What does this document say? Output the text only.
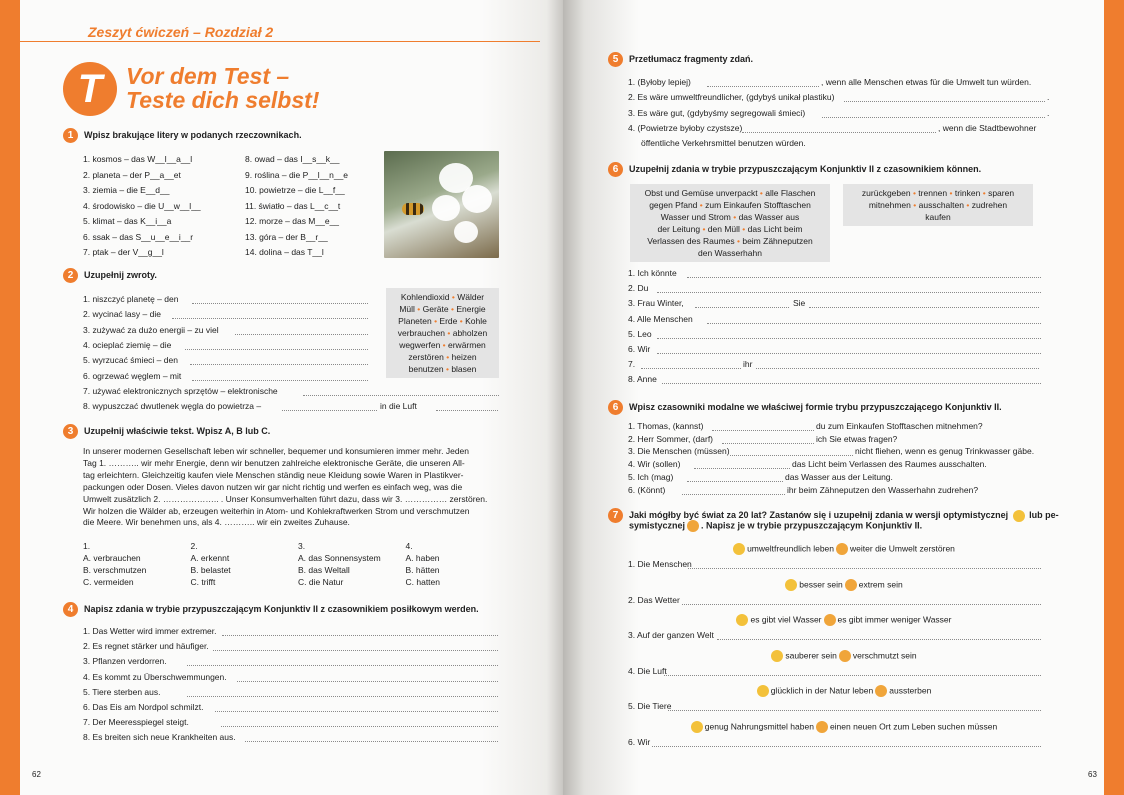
Zeszyt ćwiczeń – Rozdział 2
T	Vor dem Test –
Teste dich selbst!
1 Wpisz brakujące litery w podanych rzeczownikach.
1. kosmos – das W__l__a__l
2. planeta – der P__a__et
3. ziemia – die E__d__
4. środowisko – die U__w__l__
5. klimat – das K__i__a
6. ssak – das S__u__e__i__r
7. ptak – der V__g__l
8. owad – das I__s__k__
9. roślina – die P__l__n__e
10. powietrze – die L__f__
11. światło – das L__c__t
12. morze – das M__e__
13. góra – der B__r__
14. dolina – das T__l
2 Uzupełnij zwroty.
1. niszczyć planetę – den
2. wycinać lasy – die
3. zużywać za dużo energii – zu viel
4. ocieplać ziemię – die
5. wyrzucać śmieci – den
6. ogrzewać węglem – mit
7. używać elektronicznych sprzętów – elektronische
8. wypuszczać dwutlenek węgla do powietrza –	in die Luft
Kohlendioxid • Wälder
Müll • Geräte • Energie
Planeten • Erde • Kohle
verbrauchen • abholzen
wegwerfen • erwärmen
zerstören • heizen
benutzen • blasen
3 Uzupełnij właściwie tekst. Wpisz A, B lub C.
In unserer modernen Gesellschaft leben wir schneller, bequemer und konsumieren immer mehr. Jeden
Tag 1. ……….. wir mehr Energie, denn wir benutzen zahlreiche elektronische Geräte, die unseren All-
tag erleichtern. Gleichzeitig kaufen viele Menschen ständig neue Kleidung sowie Waren in Plastikver-
packungen oder Dosen. Vieles davon nutzen wir gar nicht richtig und werfen es einfach weg, was die
Umwelt zusätzlich 2. ……………….. . Unser Konsumverhalten führt dazu, dass wir 3. …………… zerstören.
Wir holzen die Wälder ab, erzeugen weiterhin in Atom- und Kohlekraftwerken Strom und verschmutzen
die Meere. Wir benehmen uns, als 4. ……….. wir ein zweites Zuhause.
1.
A. verbrauchen
B. verschmutzen
C. vermeiden
2.
A. erkennt
B. belastet
C. trifft
3.
A. das Sonnensystem
B. das Weltall
C. die Natur
4.
A. haben
B. hätten
C. hatten
4 Napisz zdania w trybie przypuszczającym Konjunktiv II z czasownikiem posiłkowym werden.
1. Das Wetter wird immer extremer.
2. Es regnet stärker und häufiger.
3. Pflanzen verdorren.
4. Es kommt zu Überschwemmungen.
5. Tiere sterben aus.
6. Das Eis am Nordpol schmilzt.
7. Der Meeresspiegel steigt.
8. Es breiten sich neue Krankheiten aus.
62
5 Przetłumacz fragmenty zdań.
1. (Byłoby lepiej)	, wenn alle Menschen etwas für die Umwelt tun würden.
2. Es wäre umweltfreundlicher, (gdybyś unikał plastiku)	.
3. Es wäre gut, (gdybyśmy segregowali śmieci)	.
4. (Powietrze byłoby czystsze)	, wenn die Stadtbewohner
öffentliche Verkehrsmittel benutzen würden.
6 Uzupełnij zdania w trybie przypuszczającym Konjunktiv II z czasownikiem können.
Obst und Gemüse unverpackt • alle Flaschen
gegen Pfand • zum Einkaufen Stofftaschen
Wasser und Strom • das Wasser aus
der Leitung • den Müll • das Licht beim
Verlassen des Raumes • beim Zähneputzen
den Wasserhahn
zurückgeben • trennen • trinken • sparen
mitnehmen • ausschalten • zudrehen
kaufen
1. Ich könnte
2. Du
3. Frau Winter,	Sie
4. Alle Menschen
5. Leo
6. Wir
7.	ihr
8. Anne
6 Wpisz czasowniki modalne we właściwej formie trybu przypuszczającego Konjunktiv II.
1. Thomas, (kannst)	du zum Einkaufen Stofftaschen mitnehmen?
2. Herr Sommer, (darf)	ich Sie etwas fragen?
3. Die Menschen (müssen)	nicht fliehen, wenn es genug Trinkwasser gäbe.
4. Wir (sollen)	das Licht beim Verlassen des Raumes ausschalten.
5. Ich (mag)	das Wasser aus der Leitung.
6. (Könnt)	ihr beim Zähneputzen den Wasserhahn zudrehen?
7 Jaki mógłby być świat za 20 lat? Zastanów się i uzupełnij zdania w wersji optymistycznej lub pe-
symistycznej . Napisz je w trybie przypuszczającym Konjunktiv II.
umweltfreundlich leben weiter die Umwelt zerstören
1. Die Menschen
besser sein extrem sein
2. Das Wetter
es gibt viel Wasser es gibt immer weniger Wasser
3. Auf der ganzen Welt
sauberer sein verschmutzt sein
4. Die Luft
glücklich in der Natur leben aussterben
5. Die Tiere
genug Nahrungsmittel haben einen neuen Ort zum Leben suchen müssen
6. Wir
63
